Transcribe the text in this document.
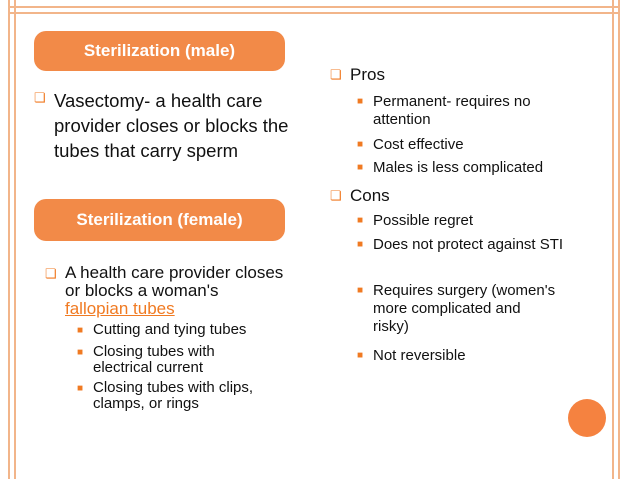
Sterilization (male)
❏ Vasectomy- a health care provider closes or blocks the tubes that carry sperm
Sterilization (female)
❏ A health care provider closes or blocks a woman's fallopian tubes
■ Cutting and tying tubes
■ Closing tubes with electrical current
■ Closing tubes with clips, clamps, or rings
❏ Pros
■ Permanent- requires no attention
■ Cost effective
■ Males is less complicated
❏ Cons
■ Possible regret
■ Does not protect against STI
■ Requires surgery (women's more complicated and risky)
■ Not reversible
